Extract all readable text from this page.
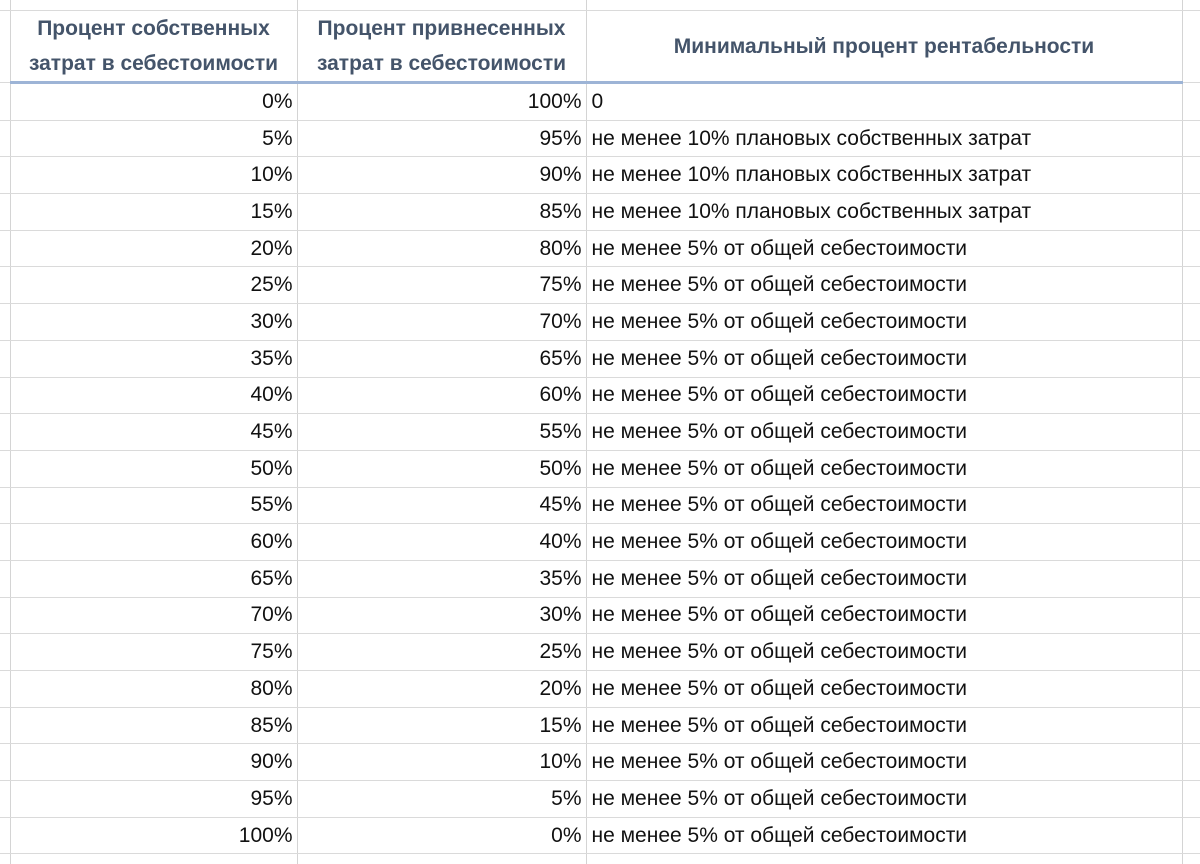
	Процент собственных затрат в себестоимости	Процент привнесенных затрат в себестоимости	Минимальный процент рентабельности	
	0%	100%	0	
	5%	95%	не менее 10% плановых собственных затрат	
	10%	90%	не менее 10% плановых собственных затрат	
	15%	85%	не менее 10% плановых собственных затрат	
	20%	80%	не менее 5% от общей себестоимости	
	25%	75%	не менее 5% от общей себестоимости	
	30%	70%	не менее 5% от общей себестоимости	
	35%	65%	не менее 5% от общей себестоимости	
	40%	60%	не менее 5% от общей себестоимости	
	45%	55%	не менее 5% от общей себестоимости	
	50%	50%	не менее 5% от общей себестоимости	
	55%	45%	не менее 5% от общей себестоимости	
	60%	40%	не менее 5% от общей себестоимости	
	65%	35%	не менее 5% от общей себестоимости	
	70%	30%	не менее 5% от общей себестоимости	
	75%	25%	не менее 5% от общей себестоимости	
	80%	20%	не менее 5% от общей себестоимости	
	85%	15%	не менее 5% от общей себестоимости	
	90%	10%	не менее 5% от общей себестоимости	
	95%	5%	не менее 5% от общей себестоимости	
	100%	0%	не менее 5% от общей себестоимости	
